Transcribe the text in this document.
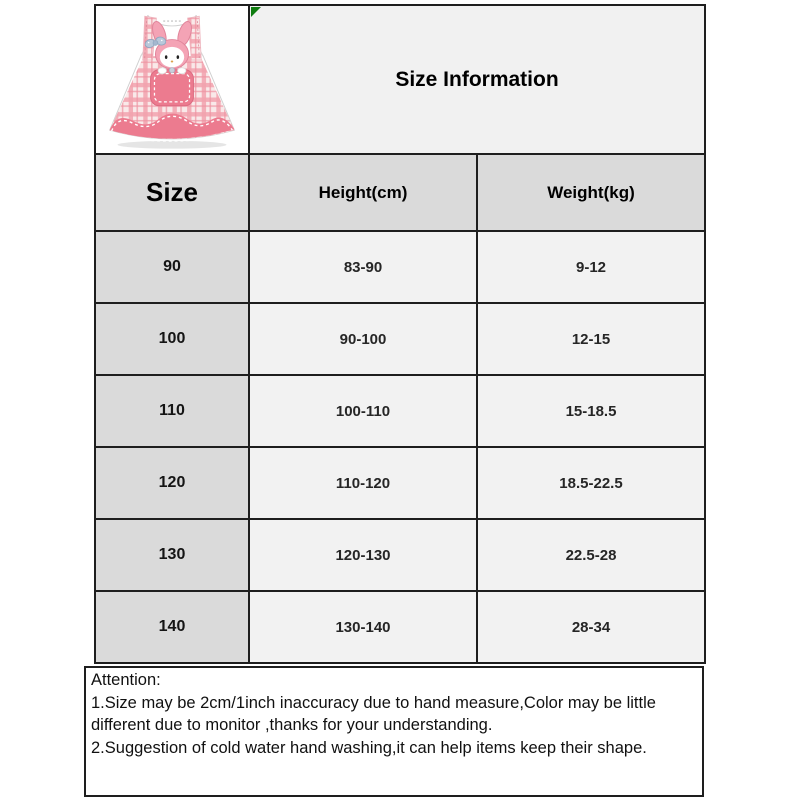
Size Information	
Size	Height(cm)	Weight(kg)
90	83-90	9-12
100	90-100	12-15
110	100-110	15-18.5
120	110-120	18.5-22.5
130	120-130	22.5-28
140	130-140	28-34
Attention:
1.Size may be 2cm/1inch inaccuracy due to hand measure,Color may be little different due to monitor ,thanks for your understanding.
2.Suggestion of cold water hand washing,it can help items keep their shape.
